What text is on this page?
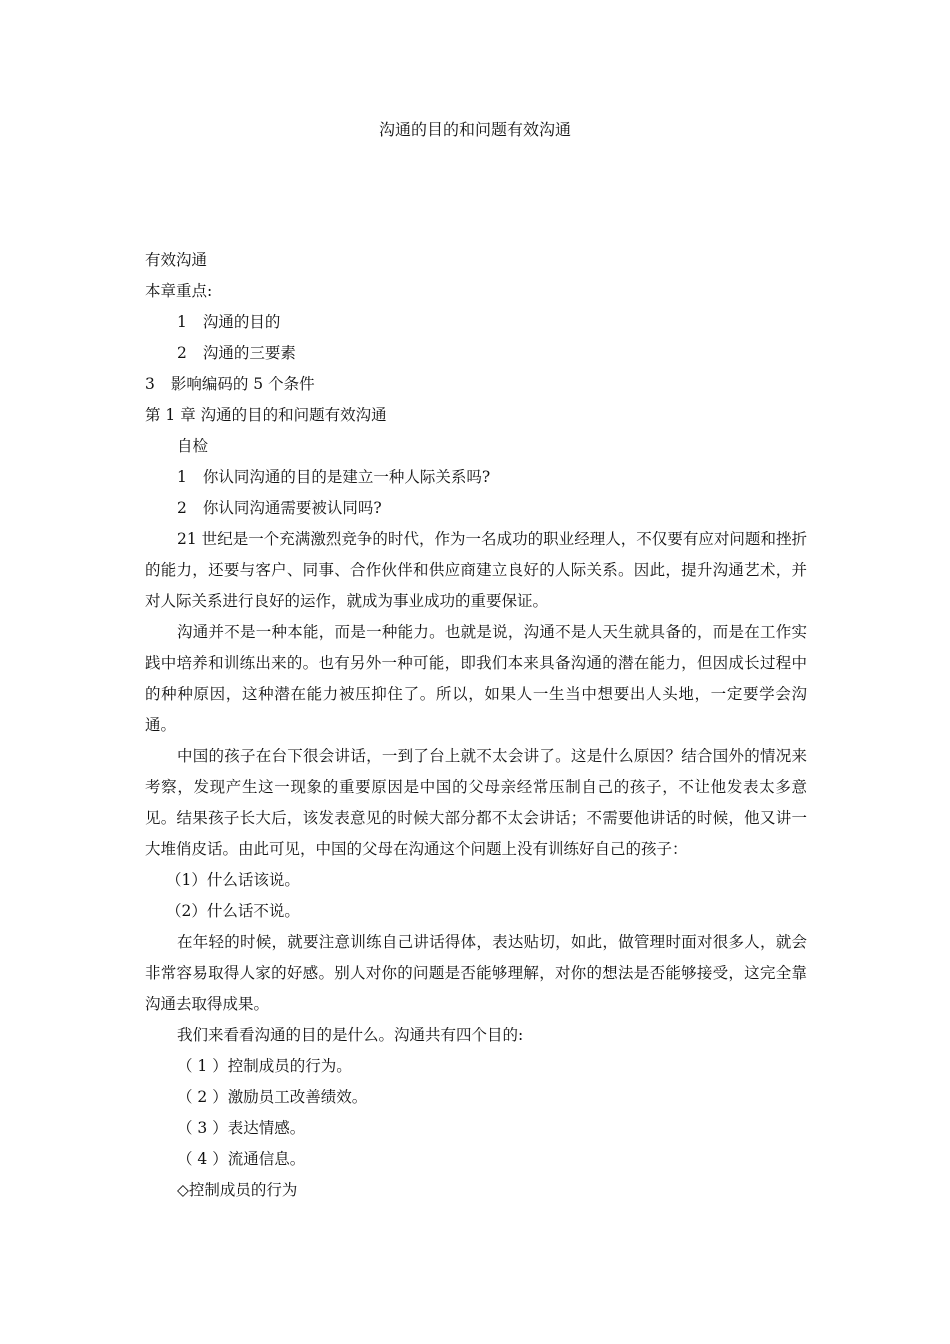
沟通的目的和问题有效沟通

有效沟通

本章重点:

1 沟通的目的

2 沟通的三要素

3 影响编码的 5 个条件

第 1 章 沟通的目的和问题有效沟通

自检

1 你认同沟通的目的是建立一种人际关系吗?

2 你认同沟通需要被认同吗?

21 世纪是一个充满激烈竞争的时代，作为一名成功的职业经理人，不仅要有应对问题和挫折的能力，还要与客户、同事、合作伙伴和供应商建立良好的人际关系。因此，提升沟通艺术，并对人际关系进行良好的运作，就成为事业成功的重要保证。

沟通并不是一种本能，而是一种能力。也就是说，沟通不是人天生就具备的，而是在工作实践中培养和训练出来的。也有另外一种可能，即我们本来具备沟通的潜在能力，但因成长过程中的种种原因，这种潜在能力被压抑住了。所以，如果人一生当中想要出人头地，一定要学会沟通。

中国的孩子在台下很会讲话，一到了台上就不太会讲了。这是什么原因？结合国外的情况来考察，发现产生这一现象的重要原因是中国的父母亲经常压制自己的孩子，不让他发表太多意见。结果孩子长大后，该发表意见的时候大部分都不太会讲话；不需要他讲话的时候，他又讲一大堆俏皮话。由此可见，中国的父母在沟通这个问题上没有训练好自己的孩子：

（1）什么话该说。

（2）什么话不说。

在年轻的时候，就要注意训练自己讲话得体，表达贴切，如此，做管理时面对很多人，就会非常容易取得人家的好感。别人对你的问题是否能够理解，对你的想法是否能够接受，这完全靠沟通去取得成果。

我们来看看沟通的目的是什么。沟通共有四个目的:

（ 1 ）控制成员的行为。

（ 2 ）激励员工改善绩效。

（ 3 ）表达情感。

（ 4 ）流通信息。

◇控制成员的行为
